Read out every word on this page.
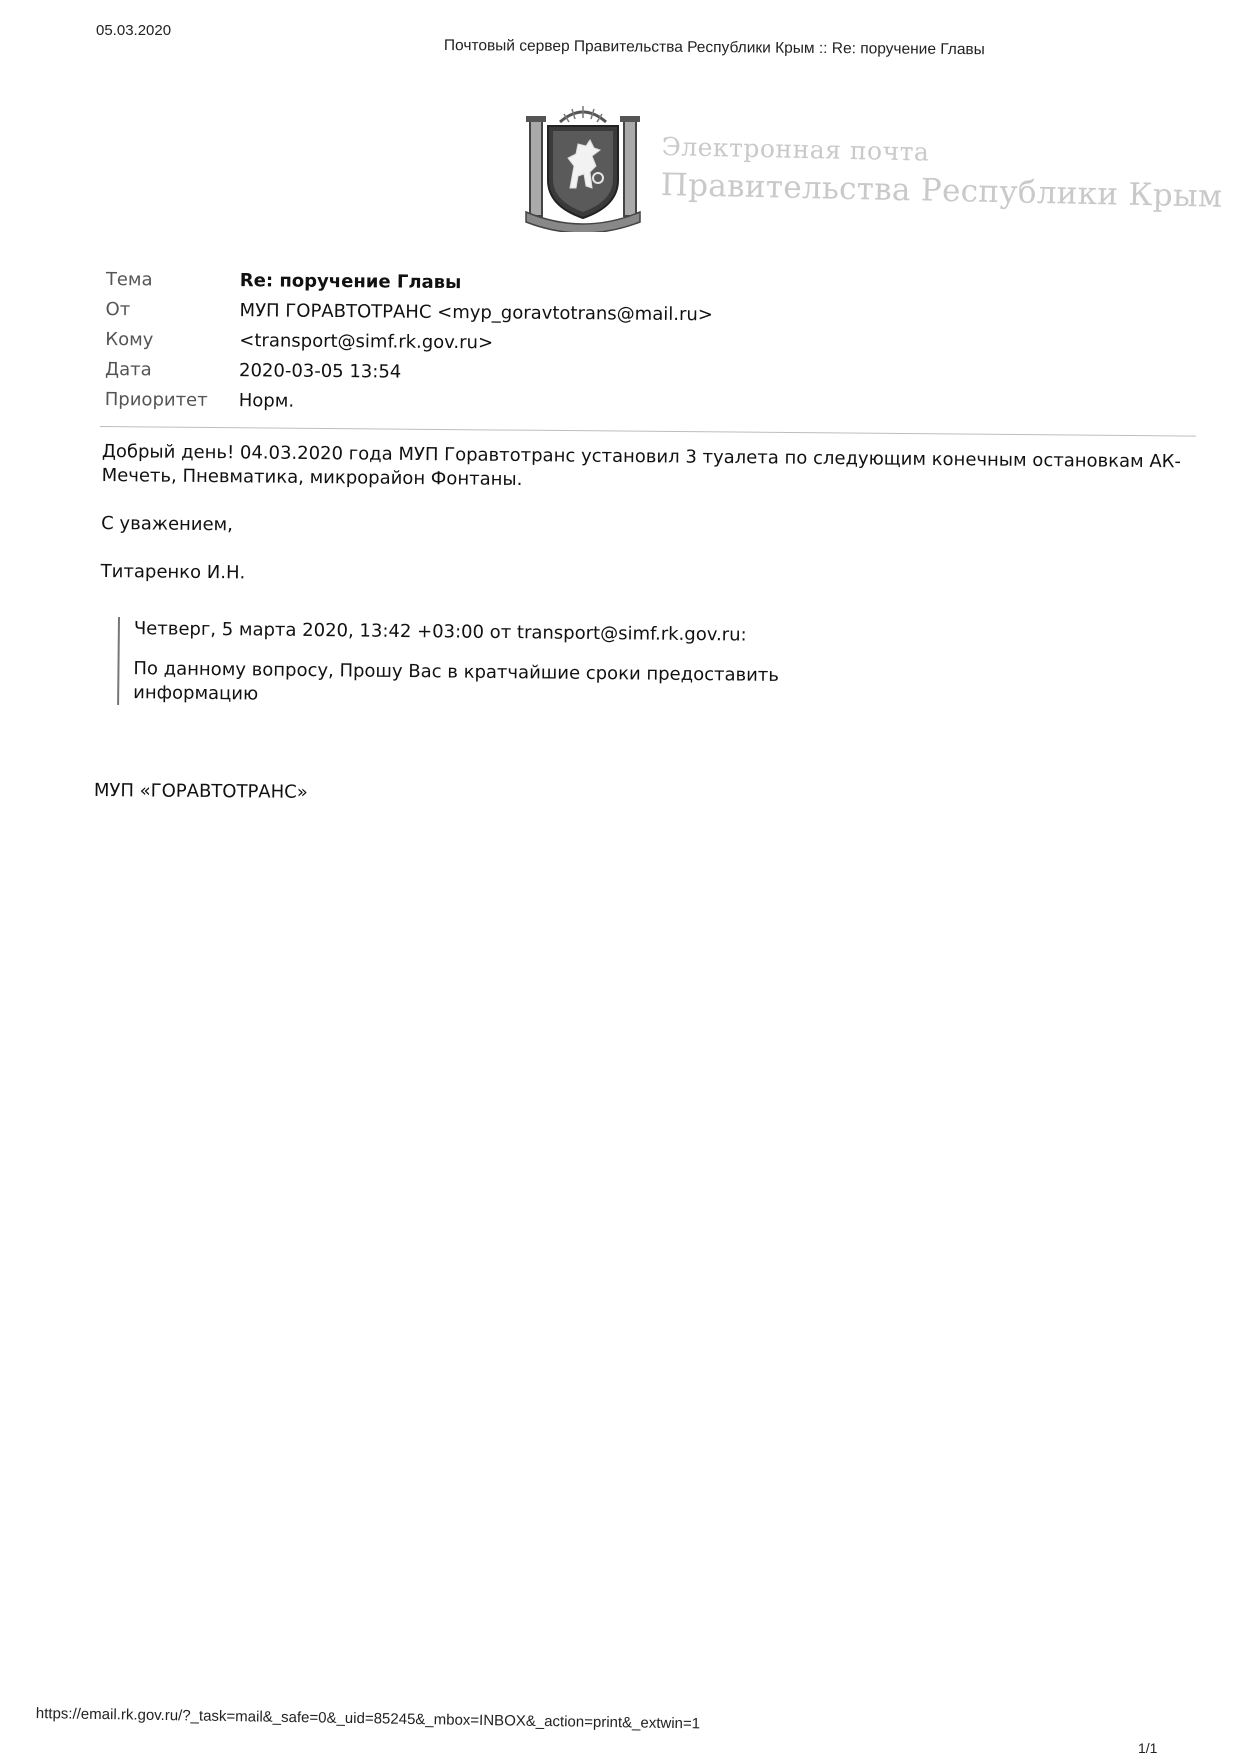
05.03.2020
Почтовый сервер Правительства Республики Крым :: Re: поручение Главы
Электронная почта
Правительства Республики Крым
Тема	Re: поручение Главы
От	МУП ГОРАВТОТРАНС <myp_goravtotrans@mail.ru>
Кому	<transport@simf.rk.gov.ru>
Дата	2020-03-05 13:54
Приоритет	Норм.

Добрый день! 04.03.2020 года МУП Горавтотранс установил 3 туалета по следующим конечным остановкам АК-Мечеть, Пневматика, микрорайон Фонтаны.

С уважением,

Титаренко И.Н.

Четверг, 5 марта 2020, 13:42 +03:00 от transport@simf.rk.gov.ru:

По данному вопросу, Прошу Вас в кратчайшие сроки предоставить информацию

МУП «ГОРАВТОТРАНС»
https://email.rk.gov.ru/?_task=mail&_safe=0&_uid=85245&_mbox=INBOX&_action=print&_extwin=1
1/1
